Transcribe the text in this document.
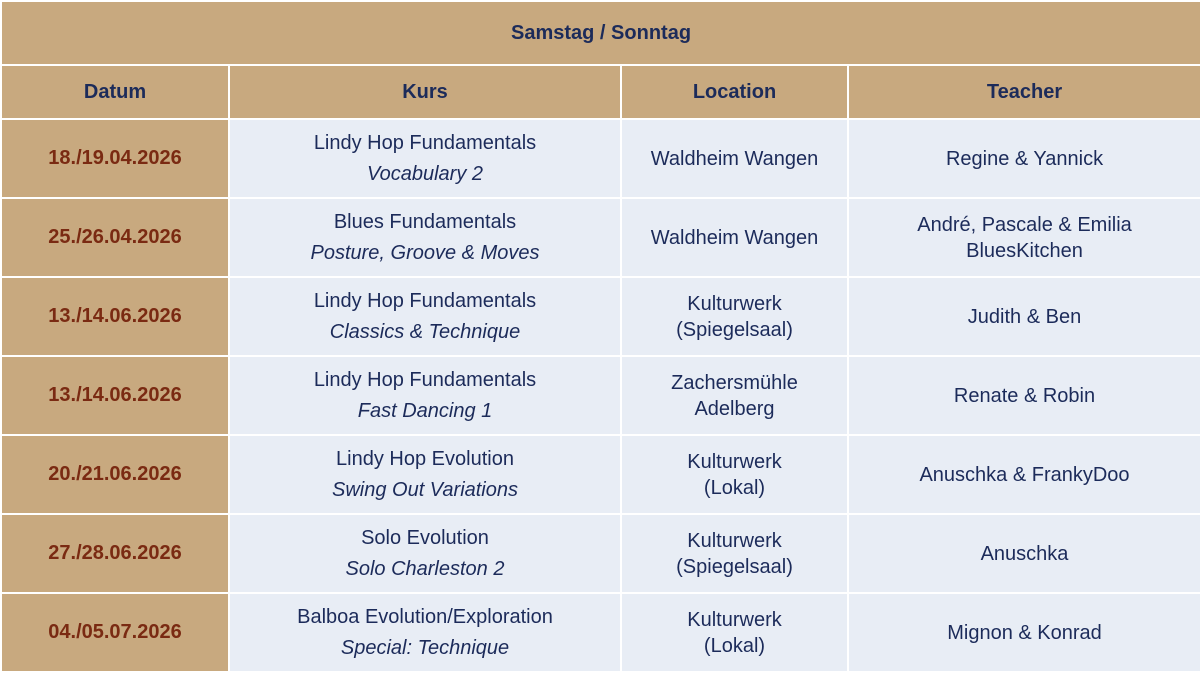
Samstag / Sonntag			
Datum	Kurs	Location	Teacher
18./19.04.2026	Lindy Hop Fundamentals
Vocabulary 2	Waldheim Wangen	Regine & Yannick

25./26.04.2026	Blues Fundamentals
Posture, Groove & Moves	Waldheim Wangen	André, Pascale & Emilia
BluesKitchen

13./14.06.2026	Lindy Hop Fundamentals
Classics & Technique	Kulturwerk
(Spiegelsaal)	Judith & Ben

13./14.06.2026	Lindy Hop Fundamentals
Fast Dancing 1	Zachersmühle
Adelberg	Renate & Robin

20./21.06.2026	Lindy Hop Evolution
Swing Out Variations	Kulturwerk
(Lokal)	Anuschka & FrankyDoo

27./28.06.2026	Solo Evolution
Solo Charleston 2	Kulturwerk
(Spiegelsaal)	Anuschka

04./05.07.2026	Balboa Evolution/Exploration
Special: Technique	Kulturwerk
(Lokal)	Mignon & Konrad
